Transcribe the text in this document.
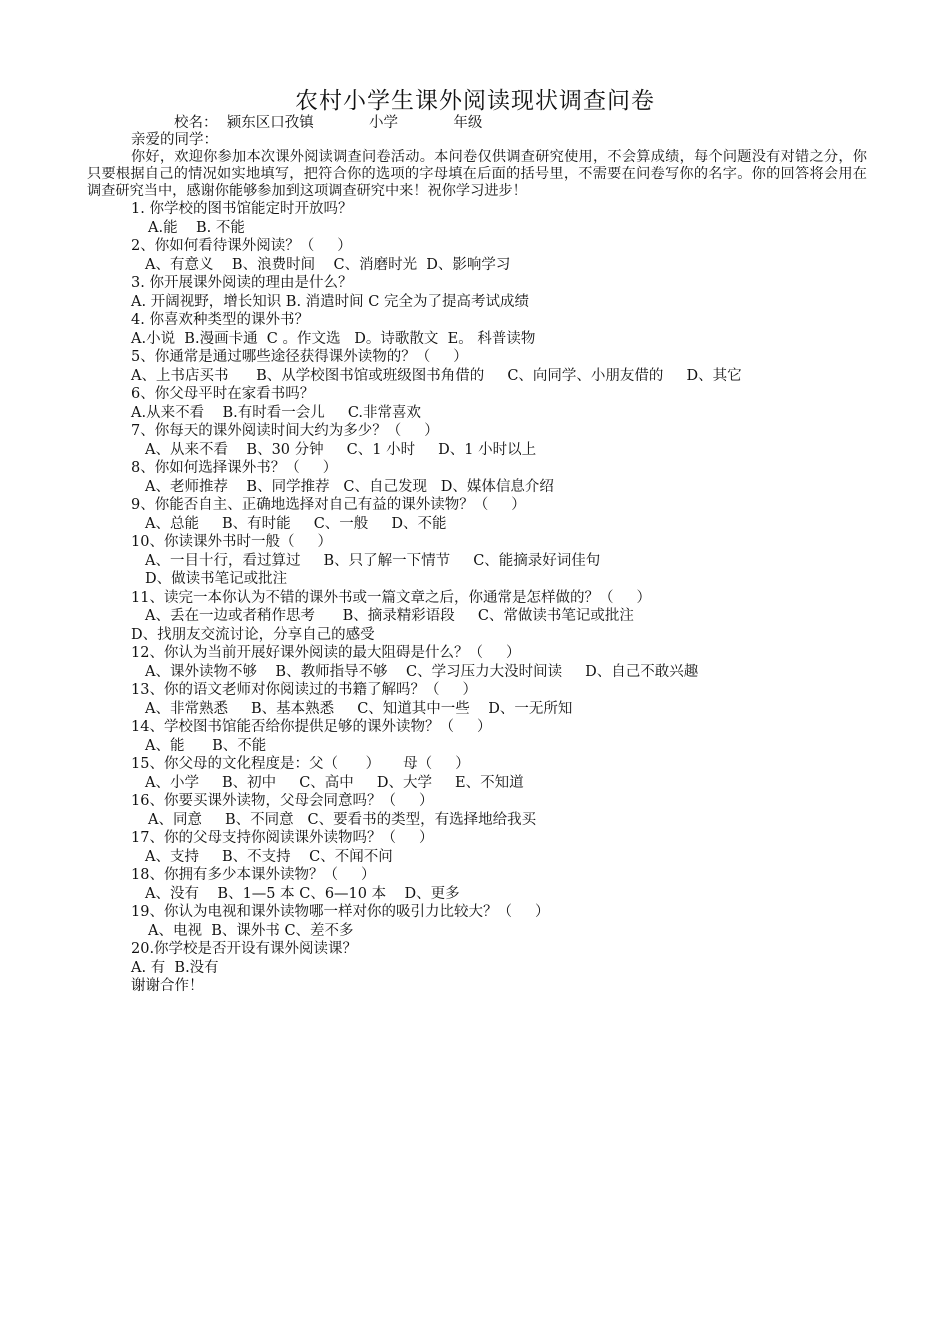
农村小学生课外阅读现状调查问卷
校名：  颍东区口孜镇            小学            年级
亲爱的同学：
你好，欢迎你参加本次课外阅读调查问卷活动。本问卷仅供调查研究使用，不会算成绩，每个问题没有对错之分，你只要根据自己的情况如实地填写，把符合你的选项的字母填在后面的括号里，不需要在问卷写你的名字。你的回答将会用在调查研究当中，感谢你能够参加到这项调查研究中来！祝你学习进步！
1. 你学校的图书馆能定时开放吗？
A.能    B. 不能
2、你如何看待课外阅读？（     ）
A、有意义    B、浪费时间    C、消磨时光  D、影响学习
3. 你开展课外阅读的理由是什么？
A. 开阔视野，增长知识 B. 消遣时间 C 完全为了提高考试成绩
4. 你喜欢种类型的课外书？
A.小说  B.漫画卡通  C 。作文选   D。诗歌散文  E。 科普读物
5、你通常是通过哪些途径获得课外读物的？（     ）
A、上书店买书      B、从学校图书馆或班级图书角借的     C、向同学、小朋友借的     D、其它
6、你父母平时在家看书吗？
A.从来不看    B.有时看一会儿     C.非常喜欢
7、你每天的课外阅读时间大约为多少？（     ）
A、从来不看    B、30 分钟     C、1 小时     D、1 小时以上
8、你如何选择课外书？（     ）
A、老师推荐    B、同学推荐   C、自己发现   D、媒体信息介绍
9、你能否自主、正确地选择对自己有益的课外读物？（     ）
A、总能     B、有时能     C、一般     D、不能
10、你读课外书时一般（     ）
A、一目十行，看过算过     B、只了解一下情节     C、能摘录好词佳句
D、做读书笔记或批注
11、读完一本你认为不错的课外书或一篇文章之后，你通常是怎样做的？（     ）
A、丢在一边或者稍作思考      B、摘录精彩语段     C、常做读书笔记或批注
D、找朋友交流讨论，分享自己的感受
12、你认为当前开展好课外阅读的最大阻碍是什么？（     ）
A、课外读物不够    B、教师指导不够    C、学习压力大没时间读     D、自己不敢兴趣
13、你的语文老师对你阅读过的书籍了解吗？（     ）
A、非常熟悉     B、基本熟悉     C、知道其中一些    D、一无所知
14、学校图书馆能否给你提供足够的课外读物？（     ）
A、能      B、不能
15、你父母的文化程度是：父（      ）     母（     ）
A、小学     B、初中     C、高中     D、大学     E、不知道
16、你要买课外读物，父母会同意吗？（     ）
A、同意     B、不同意   C、要看书的类型，有选择地给我买
17、你的父母支持你阅读课外读物吗？（     ）
A、支持     B、不支持    C、不闻不问
18、你拥有多少本课外读物？（     ）
A、没有    B、1—5 本 C、6—10 本    D、更多
19、你认为电视和课外读物哪一样对你的吸引力比较大？（     ）
A、电视  B、课外书 C、差不多
20.你学校是否开设有课外阅读课？
A. 有  B.没有
谢谢合作！
